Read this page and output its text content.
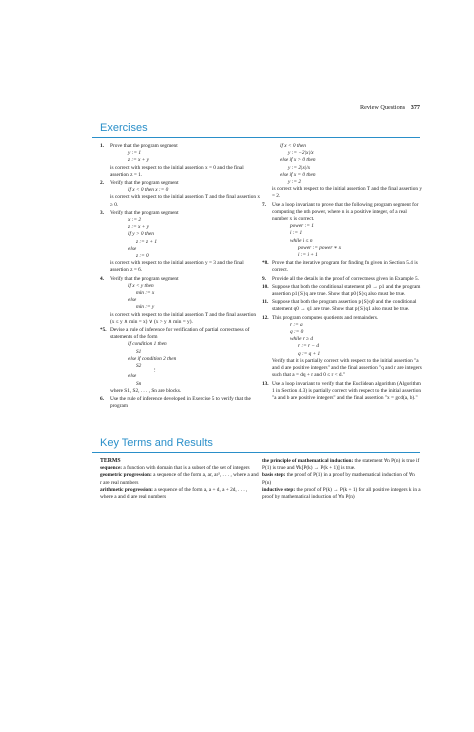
Review Questions 377
Exercises
1. Prove that the program segment

y := 1

z := x + y

is correct with respect to the initial assertion x = 0 and the final assertion z = 1.

2. Verify that the program segment

if x < 0 then x := 0

is correct with respect to the initial assertion T and the final assertion x ≥ 0.

3. Verify that the program segment

x := 2

z := x + y

if y > 0 then

z := z + 1

else

z := 0

is correct with respect to the initial assertion y = 3 and the final assertion z = 6.

4. Verify that the program segment

if x < y then

min := x

else

min := y

is correct with respect to the initial assertion T and the final assertion (x ≤ y ∧ min = x) ∨ (x > y ∧ min = y).

*5. Devise a rule of inference for verification of partial correctness of statements of the form

if condition 1 then

S1

else if condition 2 then

S2

⋮

else

Sn

where S1, S2, . . . , Sn are blocks.

6. Use the rule of inference developed in Exercise 5 to verify that the program

if x < 0 then

y := −2|x|/x

else if x > 0 then

y := 2|x|/x

else if x = 0 then

y := 2

is correct with respect to the initial assertion T and the final assertion y = 2.

7. Use a loop invariant to prove that the following program segment for computing the nth power, where n is a positive integer, of a real number x is correct.

power := 1

i := 1

while i ≤ n

power := power ∗ x

i := i + 1

*8. Prove that the iterative program for finding fn given in Section 5.4 is correct.

9. Provide all the details in the proof of correctness given in Example 5.

10. Suppose that both the conditional statement p0 → p1 and the program assertion p1{S}q are true. Show that p0{S}q also must be true.

11. Suppose that both the program assertion p{S}q0 and the conditional statement q0 → q1 are true. Show that p{S}q1 also must be true.

12. This program computes quotients and remainders.

r := a

q := 0

while r ≥ d

r := r − d

q := q + 1

Verify that it is partially correct with respect to the initial assertion "a and d are positive integers" and the final assertion "q and r are integers such that a = dq + r and 0 ≤ r < d."

13. Use a loop invariant to verify that the Euclidean algorithm (Algorithm 1 in Section 4.3) is partially correct with respect to the initial assertion "a and b are positive integers" and the final assertion "x = gcd(a, b)."

Key Terms and Results

TERMS

sequence: a function with domain that is a subset of the set of integers

geometric progression: a sequence of the form a, ar, ar², . . . , where a and r are real numbers

arithmetic progression: a sequence of the form a, a + d, a + 2d, . . . , where a and d are real numbers

the principle of mathematical induction: the statement ∀n P(n) is true if P(1) is true and ∀k[P(k) → P(k + 1)] is true.

basis step: the proof of P(1) in a proof by mathematical induction of ∀n P(n)

inductive step: the proof of P(k) → P(k + 1) for all positive integers k in a proof by mathematical induction of ∀n P(n)
